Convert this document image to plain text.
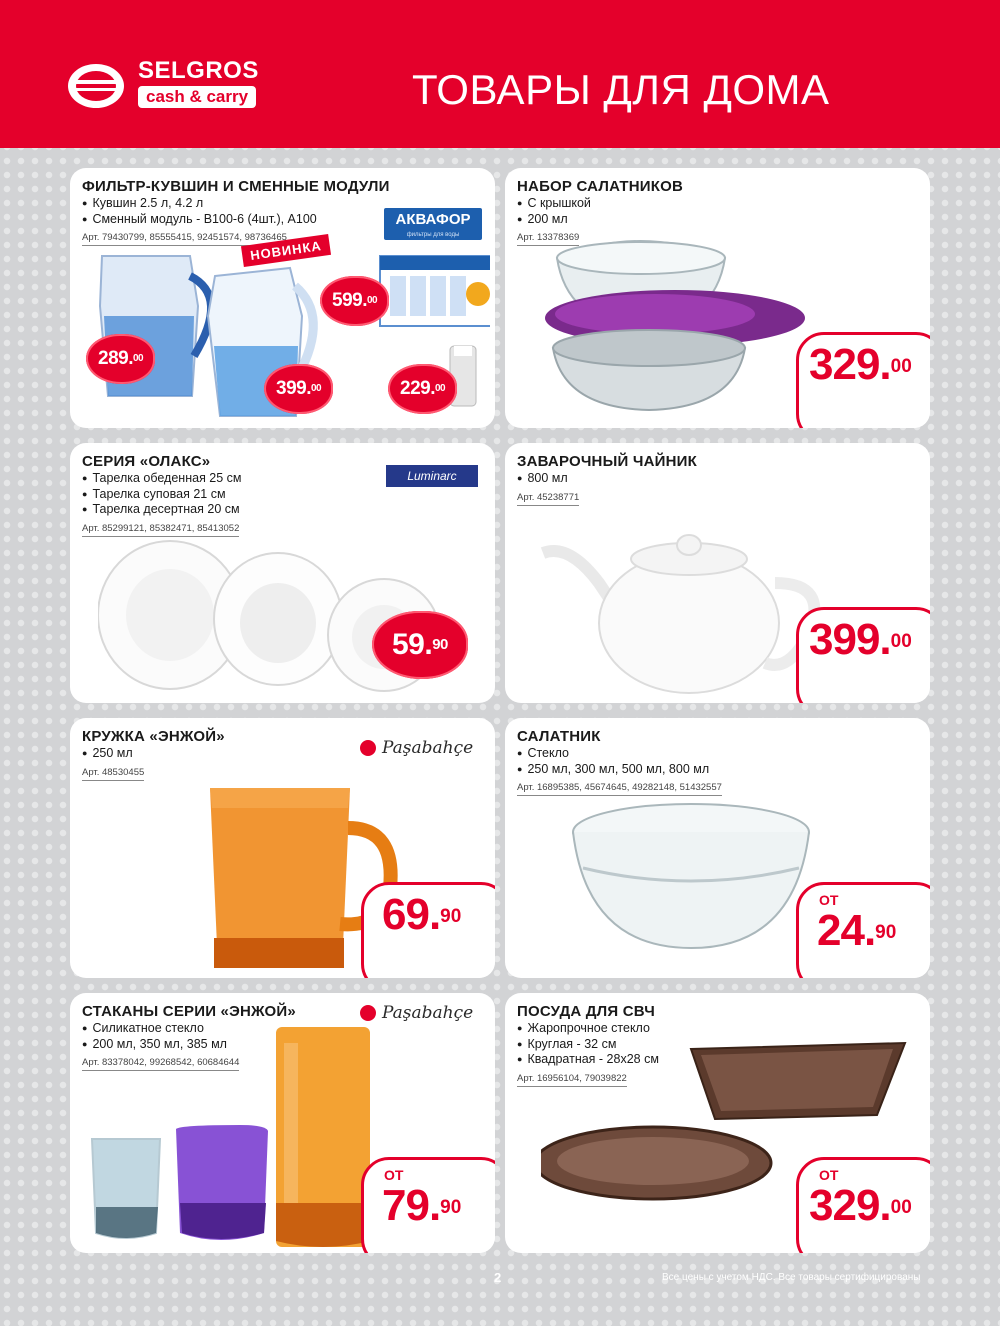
SELGROS
cash & carry	ТОВАРЫ ДЛЯ ДОМА
ФИЛЬТР-КУВШИН И СМЕННЫЕ МОДУЛИ
● Кувшин 2.5 л, 4.2 л
● Сменный модуль - В100-6 (4шт.), А100
Арт. 79430799, 85555415, 92451574, 98736465
АКВАФОР
фильтры для воды
НОВИНКА
289.00
399.00
599.00
229.00
НАБОР САЛАТНИКОВ
● С крышкой
● 200 мл
Арт. 13378369
329.00
СЕРИЯ «ОЛАКС»
● Тарелка обеденная 25 см
● Тарелка суповая 21 см
● Тарелка десертная 20 см
Арт. 85299121, 85382471, 85413052
Luminarc
59.90
ЗАВАРОЧНЫЙ ЧАЙНИК
● 800 мл
Арт. 45238771
399.00
КРУЖКА «ЭНЖОЙ»
● 250 мл
Арт. 48530455
Paşabahçe
69.90
САЛАТНИК
● Стекло
● 250 мл, 300 мл, 500 мл, 800 мл
Арт. 16895385, 45674645, 49282148, 51432557
ОТ
24.90
СТАКАНЫ СЕРИИ «ЭНЖОЙ»
● Силикатное стекло
● 200 мл, 350 мл, 385 мл
Арт. 83378042, 99268542, 60684644
Paşabahçe
ОТ
79.90
ПОСУДА ДЛЯ СВЧ
● Жаропрочное стекло
● Круглая - 32 см
● Квадратная - 28х28 см
Арт. 16956104, 79039822
ОТ
329.00
2	Все цены с учетом НДС. Все товары сертифицированы
